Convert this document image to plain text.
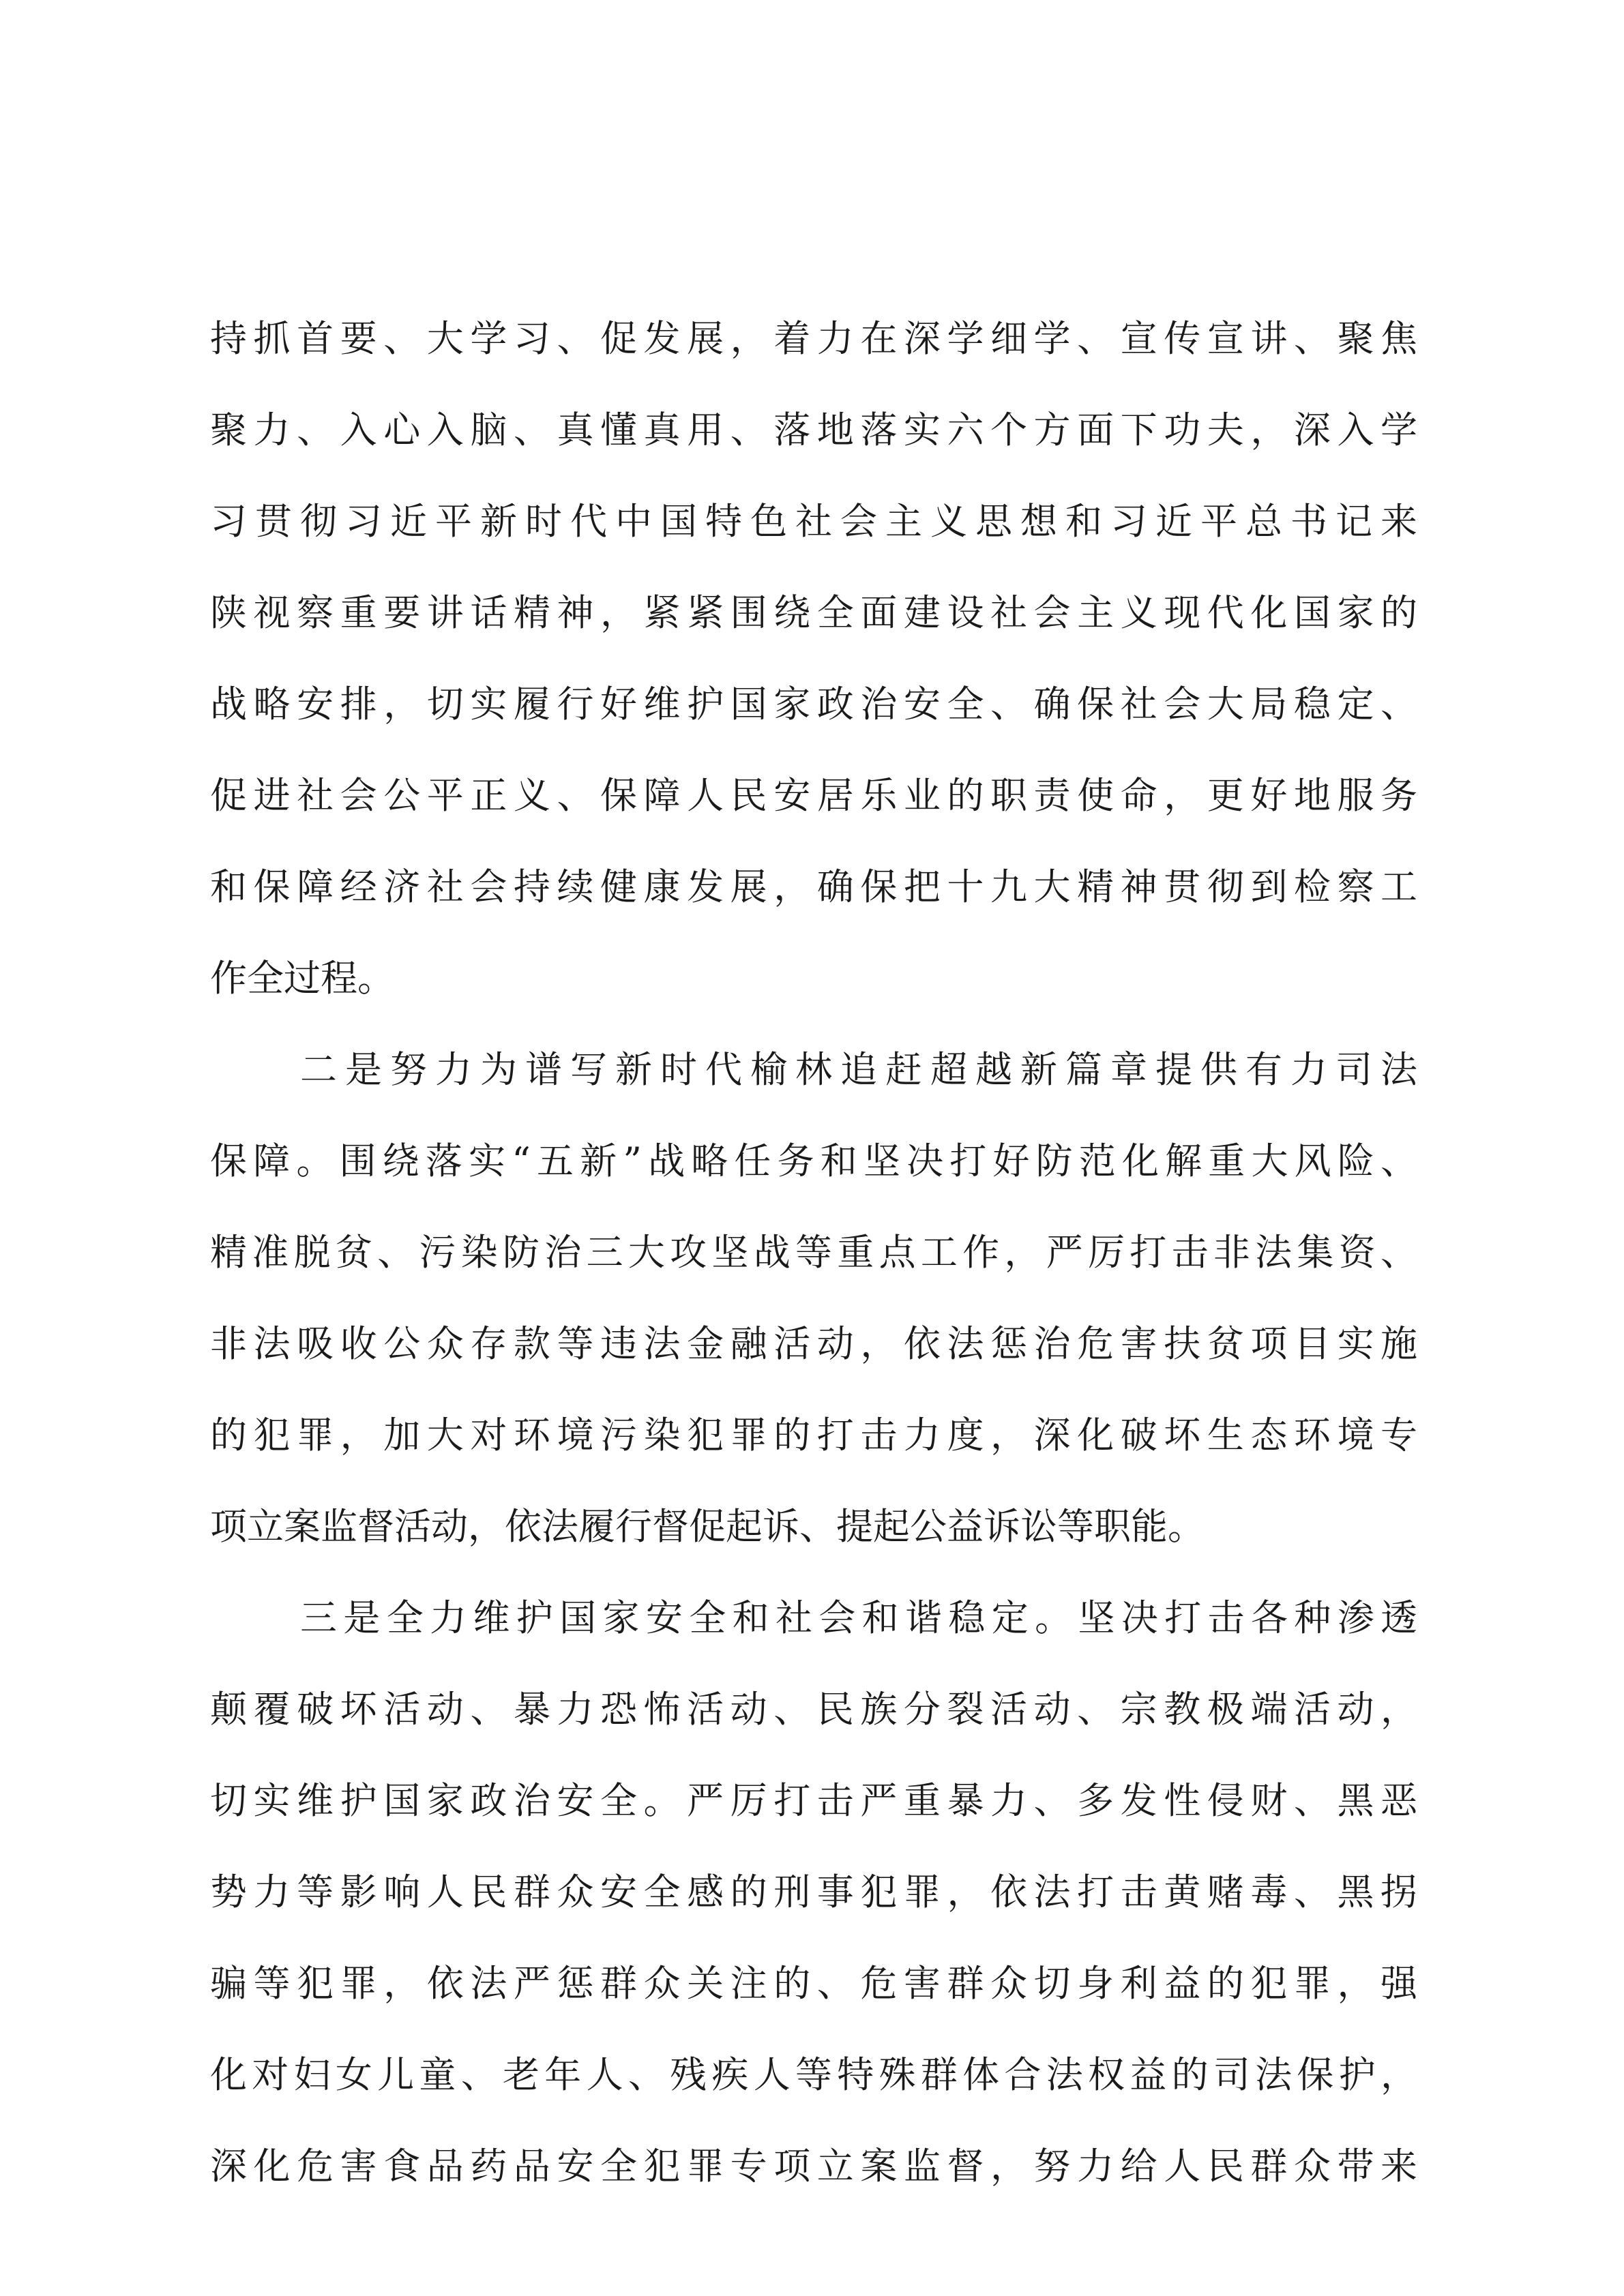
持抓首要、大学习、促发展，着力在深学细学、宣传宣讲、聚焦
聚力、入心入脑、真懂真用、落地落实六个方面下功夫，深入学
习贯彻习近平新时代中国特色社会主义思想和习近平总书记来
陕视察重要讲话精神，紧紧围绕全面建设社会主义现代化国家的
战略安排，切实履行好维护国家政治安全、确保社会大局稳定、
促进社会公平正义、保障人民安居乐业的职责使命，更好地服务
和保障经济社会持续健康发展，确保把十九大精神贯彻到检察工
作全过程。
二是努力为谱写新时代榆林追赶超越新篇章提供有力司法
保障。围绕落实“五新”战略任务和坚决打好防范化解重大风险、
精准脱贫、污染防治三大攻坚战等重点工作，严厉打击非法集资、
非法吸收公众存款等违法金融活动，依法惩治危害扶贫项目实施
的犯罪，加大对环境污染犯罪的打击力度，深化破坏生态环境专
项立案监督活动，依法履行督促起诉、提起公益诉讼等职能。
三是全力维护国家安全和社会和谐稳定。坚决打击各种渗透
颠覆破坏活动、暴力恐怖活动、民族分裂活动、宗教极端活动，
切实维护国家政治安全。严厉打击严重暴力、多发性侵财、黑恶
势力等影响人民群众安全感的刑事犯罪，依法打击黄赌毒、黑拐
骗等犯罪，依法严惩群众关注的、危害群众切身利益的犯罪，强
化对妇女儿童、老年人、残疾人等特殊群体合法权益的司法保护，
深化危害食品药品安全犯罪专项立案监督，努力给人民群众带来
